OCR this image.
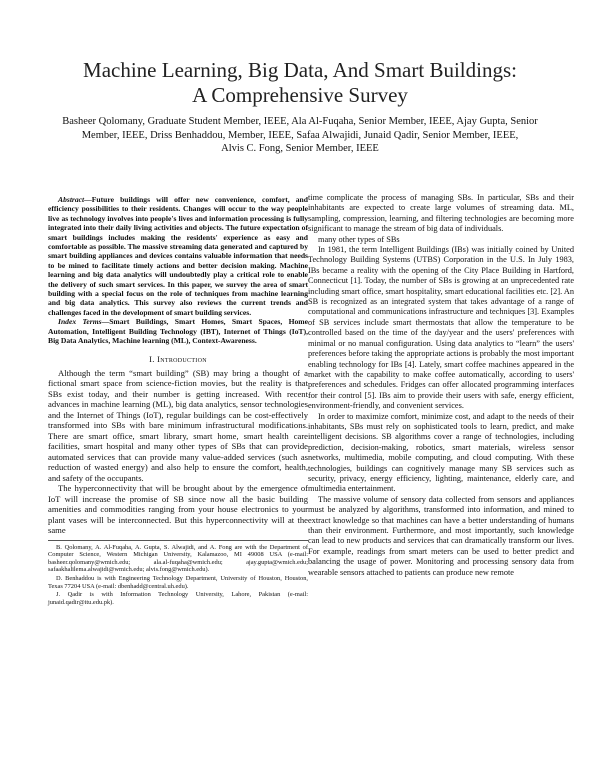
Machine Learning, Big Data, And Smart Buildings:
A Comprehensive Survey
Basheer Qolomany, Graduate Student Member, IEEE, Ala Al-Fuqaha, Senior Member, IEEE, Ajay Gupta, Senior
Member, IEEE, Driss Benhaddou, Member, IEEE, Safaa Alwajidi, Junaid Qadir, Senior Member, IEEE,
Alvis C. Fong, Senior Member, IEEE

Abstract—Future buildings will offer new convenience, comfort, and efficiency possibilities to their residents. Changes will occur to the way people live as technology involves into people's lives and information processing is fully integrated into their daily living activities and objects. The future expectation of smart buildings includes making the residents' experience as easy and comfortable as possible. The massive streaming data generated and captured by smart building appliances and devices contains valuable information that needs to be mined to facilitate timely actions and better decision making. Machine learning and big data analytics will undoubtedly play a critical role to enable the delivery of such smart services. In this paper, we survey the area of smart building with a special focus on the role of techniques from machine learning and big data analytics. This survey also reviews the current trends and challenges faced in the development of smart building services.

Index Terms—Smart Buildings, Smart Homes, Smart Spaces, Home Automation, Intelligent Building Technology (IBT), Internet of Things (IoT), Big Data Analytics, Machine learning (ML), Context-Awareness.

I. Introduction

Although the term “smart building” (SB) may bring a thought of a fictional smart space from science-fiction movies, but the reality is that SBs exist today, and their number is getting increased. With recent advances in machine learning (ML), big data analytics, sensor technologies and the Internet of Things (IoT), regular buildings can be cost-effectively transformed into SBs with bare minimum infrastructural modifications. There are smart office, smart library, smart home, smart health care facilities, smart hospital and many other types of SBs that can provide automated services that can provide many value-added services (such as reduction of wasted energy) and also help to ensure the comfort, health, and safety of the occupants.

The hyperconnectivity that will be brought about by the emergence of IoT will increase the promise of SB since now all the basic building amenities and commodities ranging from your house electronics to your plant vases will be interconnected. But this hyperconnectivity will at the same

B. Qolomany, A. Al-Fuqaha, A. Gupta, S. Alwajidi, and A. Fong are with the Department of Computer Science, Western Michigan University, Kalamazoo, MI 49008 USA (e-mail: basheer.qolomany@wmich.edu; ala.al-fuqaha@wmich.edu; ajay.gupta@wmich.edu; safaakhalilema.alwajidi@wmich.edu; alvis.fong@wmich.edu).

D. Benhaddou is with Engineering Technology Department, University of Houston, Houston, Texas 77204 USA (e-mail: dbenhadd@central.uh.edu).

J. Qadir is with Information Technology University, Lahore, Pakistan (e-mail: junaid.qadir@itu.edu.pk).

time complicate the process of managing SBs. In particular, SBs and their inhabitants are expected to create large volumes of streaming data. ML, sampling, compression, learning, and filtering technologies are becoming more significant to manage the stream of big data of individuals.

many other types of SBs

In 1981, the term Intelligent Buildings (IBs) was initially coined by United Technology Building Systems (UTBS) Corporation in the U.S. In July 1983, IBs became a reality with the opening of the City Place Building in Hartford, Connecticut [1]. Today, the number of SBs is growing at an unprecedented rate including smart office, smart hospitality, smart educational facilities etc. [2]. An SB is recognized as an integrated system that takes advantage of a range of computational and communications infrastructure and techniques [3]. Examples of SB services include smart thermostats that allow the temperature to be controlled based on the time of the day/year and the users' preferences with minimal or no manual configuration. Using data analytics to “learn” the users' preferences before taking the appropriate actions is probably the most important enabling technology for IBs [4]. Lately, smart coffee machines appeared in the market with the capability to make coffee automatically, according to users' preferences and schedules. Fridges can offer allocated programming interfaces for their control [5]. IBs aim to provide their users with safe, energy efficient, environment-friendly, and convenient services.

In order to maximize comfort, minimize cost, and adapt to the needs of their inhabitants, SBs must rely on sophisticated tools to learn, predict, and make intelligent decisions. SB algorithms cover a range of technologies, including prediction, decision-making, robotics, smart materials, wireless sensor networks, multimedia, mobile computing, and cloud computing. With these technologies, buildings can cognitively manage many SB services such as security, privacy, energy efficiency, lighting, maintenance, elderly care, and multimedia entertainment.

The massive volume of sensory data collected from sensors and appliances must be analyzed by algorithms, transformed into information, and mined to extract knowledge so that machines can have a better understanding of humans than their environment. Furthermore, and most importantly, such knowledge can lead to new products and services that can dramatically transform our lives. For example, readings from smart meters can be used to better predict and balancing the usage of power. Monitoring and processing sensory data from wearable sensors attached to patients can produce new remote
